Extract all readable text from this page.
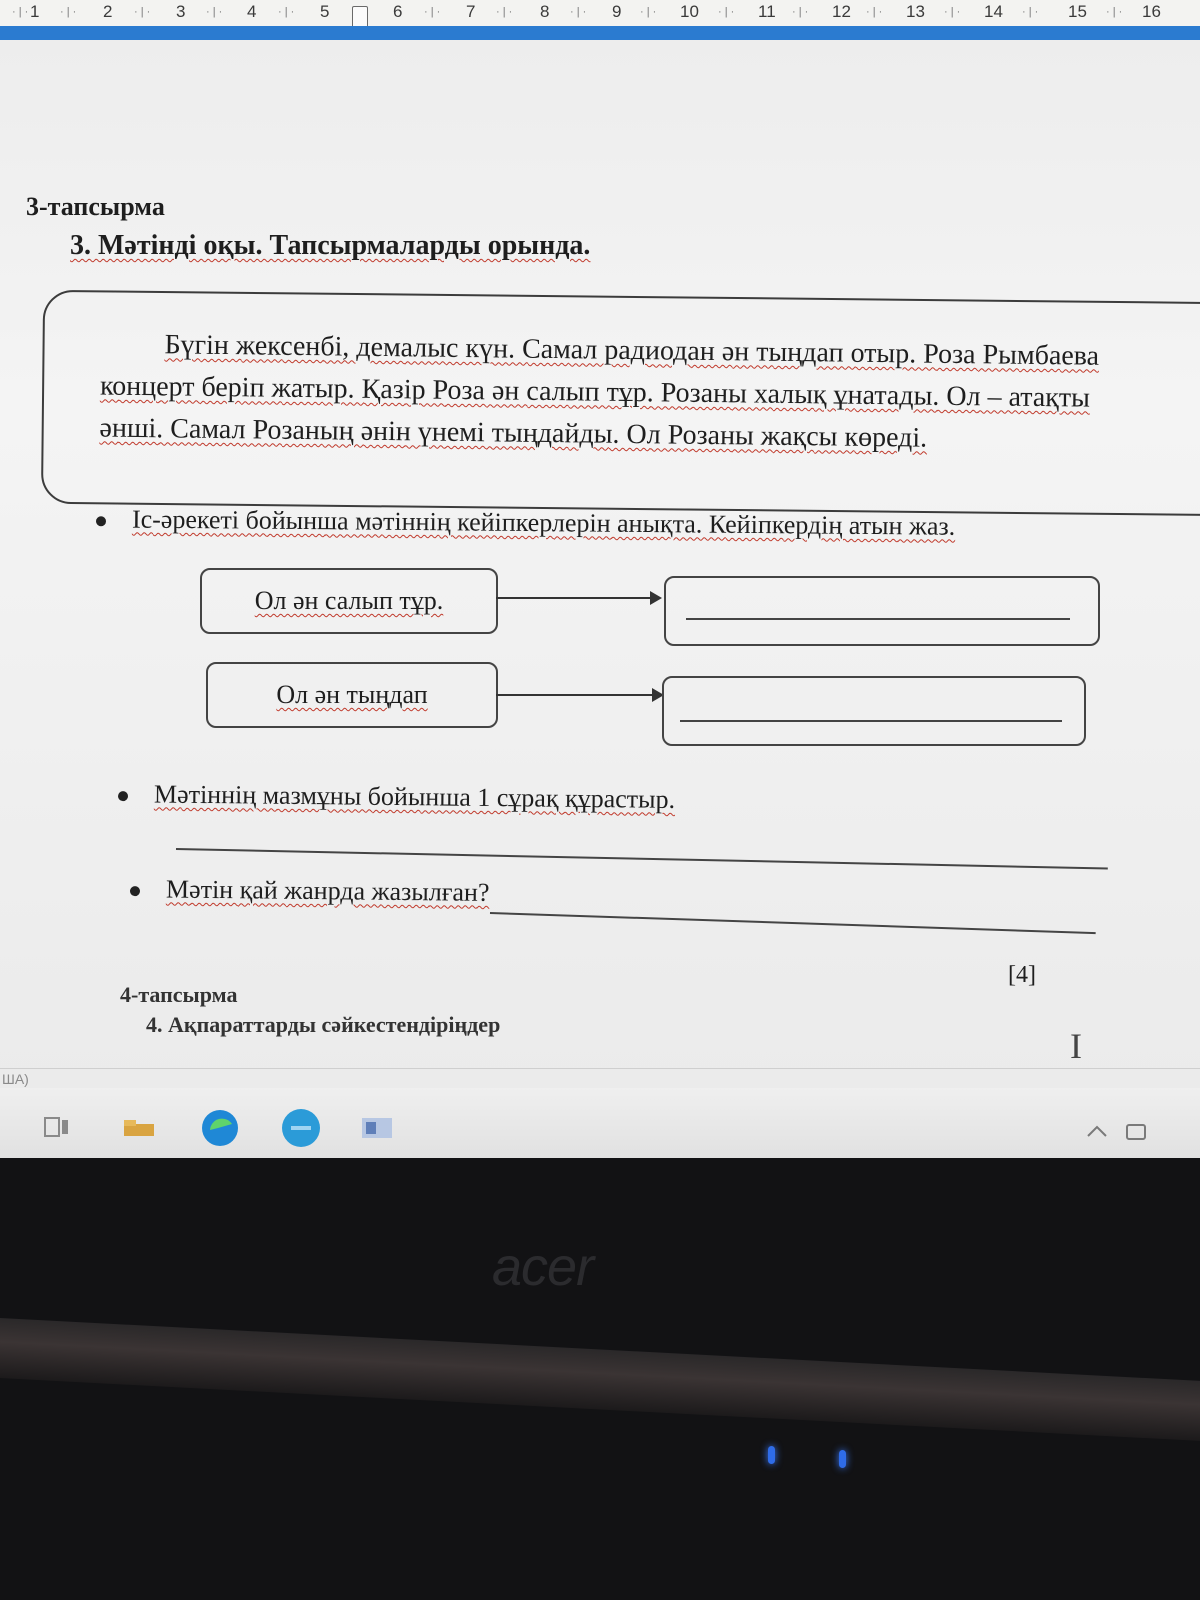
1	2	3	4	5	6	7	8	9	10	11	12	13	14	15	16
· | ·	· | ·	· | ·	· | ·	· | ·	· | ·	· | ·	· | ·	· | ·	· | ·	· | ·	· | ·	· | ·	· | ·	· | ·
3-тапсырма
3. Мәтінді оқы. Тапсырмаларды орында.
Бүгін жексенбі, демалыс күн. Самал радиодан ән тыңдап отыр. Роза Рымбаева концерт беріп жатыр. Қазір Роза ән салып тұр. Розаны халық ұнатады. Ол – атақты әнші. Самал Розаның әнін үнемі тыңдайды. Ол Розаны жақсы көреді.
Іс-әрекеті бойынша мәтіннің кейіпкерлерін анықта. Кейіпкердің атын жаз.
Ол ән салып тұр.
Ол ән тыңдап
Мәтіннің мазмұны бойынша 1 сұрақ құрастыр.
Мәтін қай жанрда жазылған?
[4]
4-тапсырма
4. Ақпараттарды сәйкестендіріңдер
I
ША)
acer
